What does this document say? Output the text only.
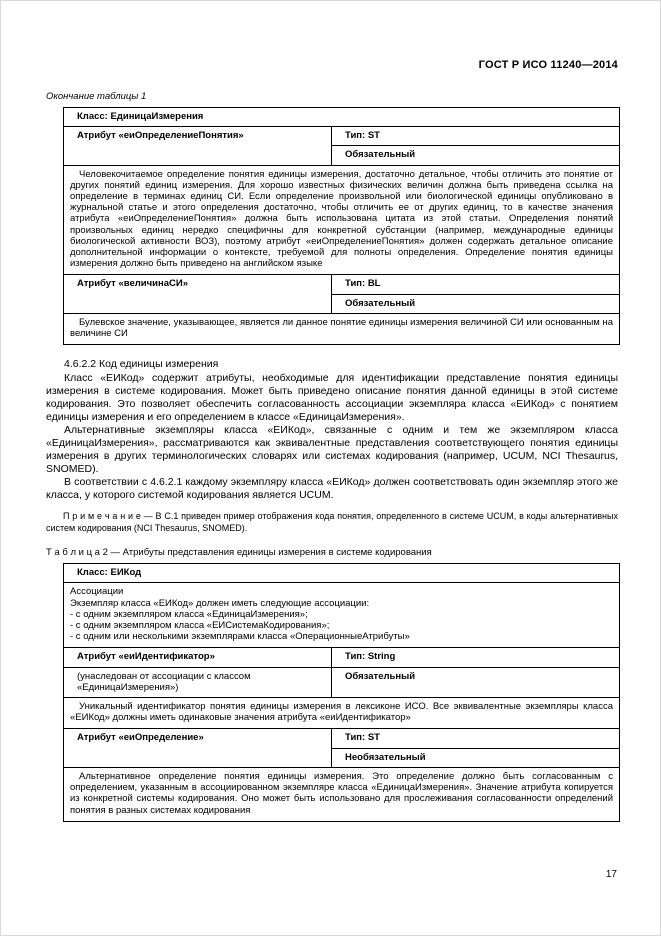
ГОСТ Р ИСО 11240—2014
Окончание таблицы 1
Класс: ЕдиницаИзмерения	
Атрибут «еиОпределениеПонятия»	Тип: ST
	Обязательный

Человекочитаемое определение понятия единицы измерения, достаточно детальное, чтобы отличить это понятие от других понятий единиц измерения. Для хорошо известных физических величин должна быть приведена ссылка на определение в терминах единиц СИ. Если определение произвольной или биологической единицы опубликовано в журнальной статье и этого определения достаточно, чтобы отличить ее от других единиц, то в качестве значения атрибута «еиОпределениеПонятия» должна быть использована цитата из этой статьи. Определения понятий произвольных единиц нередко специфичны для конкретной субстанции (например, международные единицы биологической активности ВОЗ), поэтому атрибут «еиОпределениеПонятия» должен содержать детальное описание дополнительной информации о контексте, требуемой для полноты определения. Определение понятия единицы измерения должно быть приведено на английском языке	

Атрибут «величинаСИ»	Тип: BL
	Обязательный

Булевское значение, указывающее, является ли данное понятие единицы измерения величиной СИ или основанным на величине СИ	
4.6.2.2 Код единицы измерения

Класс «ЕИКод» содержит атрибуты, необходимые для идентификации представление понятия единицы измерения в системе кодирования. Может быть приведено описание понятия данной единицы в этой системе кодирования. Это позволяет обеспечить согласованность ассоциации экземпляра класса «ЕИКод» с понятием единицы измерения и его определением в классе «ЕдиницаИзмерения».

Альтернативные экземпляры класса «ЕИКод», связанные с одним и тем же экземпляром класса «ЕдиницаИзмерения», рассматриваются как эквивалентные представления соответствующего понятия единицы измерения в других терминологических словарях или системах кодирования (например, UCUM, NCI Thesaurus, SNOMED).

В соответствии с 4.6.2.1 каждому экземпляру класса «ЕИКод» должен соответствовать один экземпляр этого же класса, у которого системой кодирования является UCUM.

П р и м е ч а н и е — В С.1 приведен пример отображения кода понятия, определенного в системе UCUM, в коды альтернативных систем кодирования (NCI Thesaurus, SNOMED).
Т а б л и ц а 2 — Атрибуты представления единицы измерения в системе кодирования
Класс: ЕИКод	

Ассоциации
Экземпляр класса «ЕИКод» должен иметь следующие ассоциации:
- с одним экземпляром класса «ЕдиницаИзмерения»;
- с одним экземпляром класса «ЕИСистемаКодирования»;
- с одним или несколькими экземплярами класса «ОперационныеАтрибуты»	

Атрибут «еиИдентификатор»	Тип: String
(унаследован от ассоциации с классом «ЕдиницаИзмерения»)	Обязательный

Уникальный идентификатор понятия единицы измерения в лексиконе ИСО. Все эквивалентные экземпляры класса «ЕИКод» должны иметь одинаковые значения атрибута «еиИдентификатор»	

Атрибут «еиОпределение»	Тип: ST
	Необязательный

Альтернативное определение понятия единицы измерения. Это определение должно быть согласованным с определением, указанным в ассоциированном экземпляре класса «ЕдиницаИзмерения». Значение атрибута копируется из конкретной системы кодирования. Оно может быть использовано для прослеживания согласованности определений понятия в разных системах кодирования	
17
